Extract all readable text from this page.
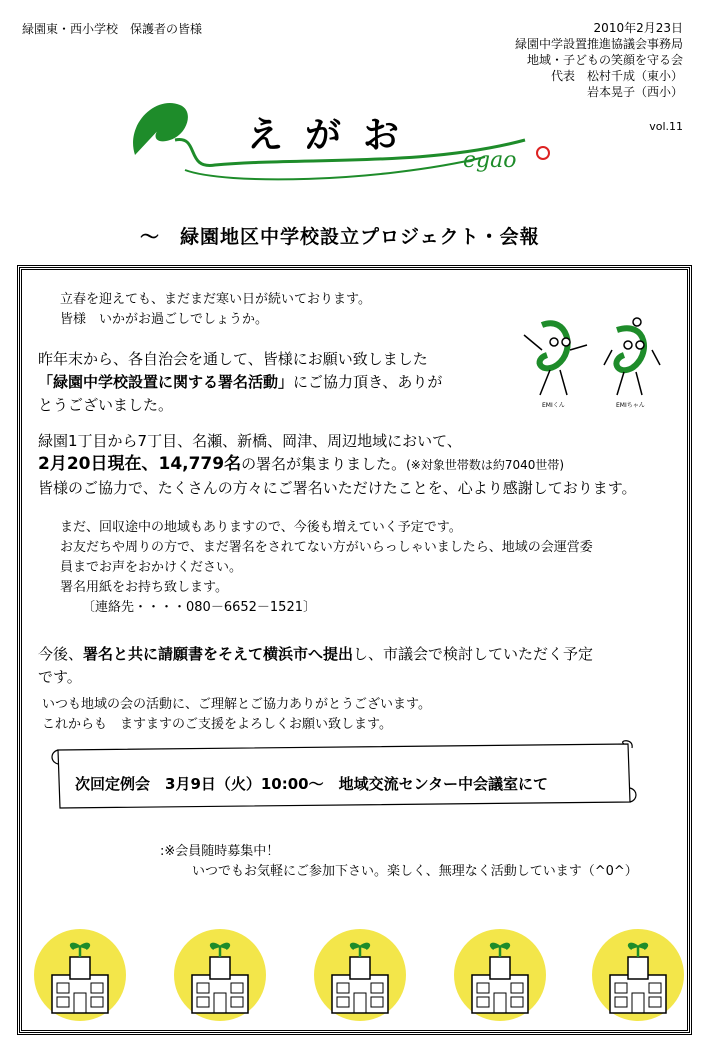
緑園東・西小学校　保護者の皆様	2010年2月23日
緑園中学設置推進協議会事務局
地域・子どもの笑顔を守る会
代表　松村千成（東小）
岩本晃子（西小）
vol.11
えがお
egao
～　緑園地区中学校設立プロジェクト・会報
立春を迎えても、まだまだ寒い日が続いております。
皆様　いかがお過ごしでしょうか。
昨年末から、各自治会を通して、皆様にお願い致しました
「緑園中学校設置に関する署名活動」にご協力頂き、ありが
とうございました。	EMIくん	EMIちゃん
緑園1丁目から7丁目、名瀬、新橋、岡津、周辺地域において、
2月20日現在、14,779名の署名が集まりました。(※対象世帯数は約7040世帯)
皆様のご協力で、たくさんの方々にご署名いただけたことを、心より感謝しております。
まだ、回収途中の地域もありますので、今後も増えていく予定です。
お友だちや周りの方で、まだ署名をされてない方がいらっしゃいましたら、地域の会運営委
員までお声をおかけください。
署名用紙をお持ち致します。
〔連絡先・・・・080－6652－1521〕
今後、署名と共に請願書をそえて横浜市へ提出し、市議会で検討していただく予定
です。
いつも地域の会の活動に、ご理解とご協力ありがとうございます。
これからも　ますますのご支援をよろしくお願い致します。
次回定例会　3月9日（火）10:00～　地域交流センター中会議室にて
:※会員随時募集中！
いつでもお気軽にご参加下さい。楽しく、無理なく活動しています（^0^）
